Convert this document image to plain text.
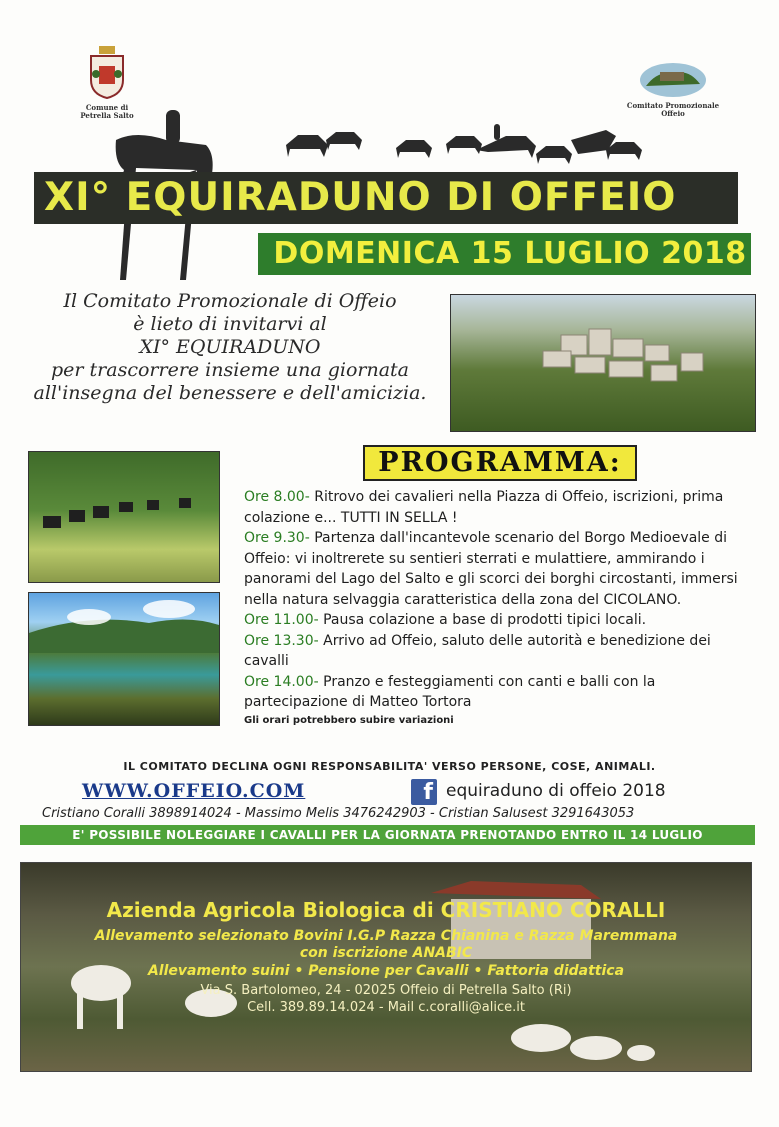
Comune di Petrella Salto
Comitato Promozionale Offeio
XI° EQUIRADUNO DI OFFEIO
DOMENICA 15 LUGLIO 2018
Il Comitato Promozionale di Offeio
è lieto di invitarvi al
XI° EQUIRADUNO
per trascorrere insieme una giornata
all'insegna del benessere e dell'amicizia.
PROGRAMMA:

Ore 8.00- Ritrovo dei cavalieri nella Piazza di Offeio, iscrizioni, prima colazione e... TUTTI IN SELLA !

Ore 9.30- Partenza dall'incantevole scenario del Borgo Medioevale di Offeio: vi inoltrerete su sentieri sterrati e mulattiere, ammirando i panorami del Lago del Salto e gli scorci dei borghi circostanti, immersi nella natura selvaggia caratteristica della zona del CICOLANO.

Ore 11.00- Pausa colazione a base di prodotti tipici locali.

Ore 13.30- Arrivo ad Offeio, saluto delle autorità e benedizione dei cavalli

Ore 14.00- Pranzo e festeggiamenti con canti e balli con la partecipazione di Matteo Tortora

Gli orari potrebbero subire variazioni
IL COMITATO DECLINA OGNI RESPONSABILITA' VERSO PERSONE, COSE, ANIMALI.
WWW.OFFEIO.COM	f equiraduno di offeio 2018
Cristiano Coralli 3898914024 - Massimo Melis 3476242903 - Cristian Salusest 3291643053
E' POSSIBILE NOLEGGIARE I CAVALLI PER LA GIORNATA PRENOTANDO ENTRO IL 14 LUGLIO
Azienda Agricola Biologica di CRISTIANO CORALLI
Allevamento selezionato Bovini I.G.P Razza Chianina e Razza Maremmana
con iscrizione ANABIC
Allevamento suini • Pensione per Cavalli • Fattoria didattica
Via S. Bartolomeo, 24 - 02025 Offeio di Petrella Salto (Ri)
Cell. 389.89.14.024 - Mail c.coralli@alice.it
